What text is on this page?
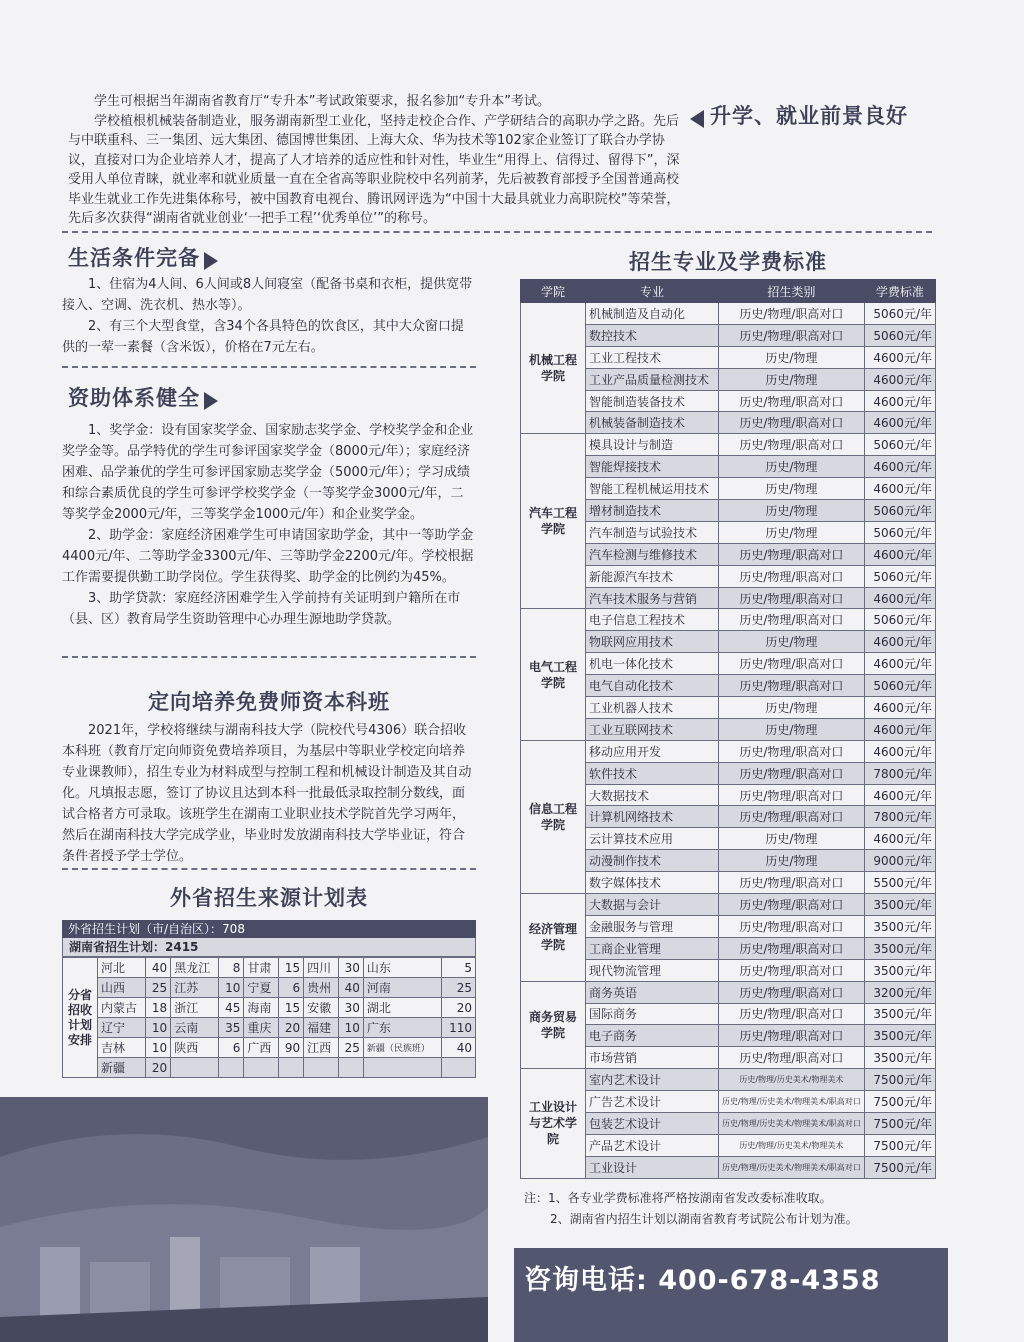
学生可根据当年湖南省教育厅“专升本”考试政策要求，报名参加“专升本”考试。

学校植根机械装备制造业，服务湖南新型工业化，坚持走校企合作、产学研结合的高职办学之路。先后与中联重科、三一集团、远大集团、德国博世集团、上海大众、华为技术等102家企业签订了联合办学协议，直接对口为企业培养人才，提高了人才培养的适应性和针对性，毕业生“用得上、信得过、留得下”，深受用人单位青睐，就业率和就业质量一直在全省高等职业院校中名列前茅，先后被教育部授予全国普通高校毕业生就业工作先进集体称号，被中国教育电视台、腾讯网评选为“中国十大最具就业力高职院校”等荣誉，先后多次获得“湖南省就业创业‘一把手工程’‘优秀单位’”的称号。

升学、就业前景良好
生活条件完备

1、住宿为4人间、6人间或8人间寝室（配备书桌和衣柜，提供宽带接入、空调、洗衣机、热水等）。

2、有三个大型食堂，含34个各具特色的饮食区，其中大众窗口提供的一荤一素餐（含米饭），价格在7元左右。

资助体系健全

1、奖学金：设有国家奖学金、国家励志奖学金、学校奖学金和企业奖学金等。品学特优的学生可参评国家奖学金（8000元/年）；家庭经济困难、品学兼优的学生可参评国家励志奖学金（5000元/年）；学习成绩和综合素质优良的学生可参评学校奖学金（一等奖学金3000元/年，二等奖学金2000元/年，三等奖学金1000元/年）和企业奖学金。

2、助学金：家庭经济困难学生可申请国家助学金，其中一等助学金4400元/年、二等助学金3300元/年、三等助学金2200元/年。学校根据工作需要提供勤工助学岗位。学生获得奖、助学金的比例约为45%。

3、助学贷款：家庭经济困难学生入学前持有关证明到户籍所在市（县、区）教育局学生资助管理中心办理生源地助学贷款。

定向培养免费师资本科班

2021年，学校将继续与湖南科技大学（院校代号4306）联合招收本科班（教育厅定向师资免费培养项目，为基层中等职业学校定向培养专业课教师），招生专业为材料成型与控制工程和机械设计制造及其自动化。凡填报志愿，签订了协议且达到本科一批最低录取控制分数线，面试合格者方可录取。该班学生在湖南工业职业技术学院首先学习两年，然后在湖南科技大学完成学业，毕业时发放湖南科技大学毕业证，符合条件者授予学士学位。

外省招生来源计划表
外省招生计划（市/自治区）：708
湖南省招生计划：2415
分省招收计划安排	河北	40	黑龙江	8	甘肃	15	四川	30	山东	5
	山西	25	江苏	10	宁夏	6	贵州	40	河南	25
	内蒙古	18	浙江	45	海南	15	安徽	30	湖北	20
	辽宁	10	云南	35	重庆	20	福建	10	广东	110
	吉林	10	陕西	6	广西	90	江西	25	新疆（民族班）	40
	新疆	20								
招生专业及学费标准
学院	专业	招生类别	学费标准
机械工程学院	机械制造及自动化	历史/物理/职高对口	5060元/年
	数控技术	历史/物理/职高对口	5060元/年
	工业工程技术	历史/物理	4600元/年
	工业产品质量检测技术	历史/物理	4600元/年
	智能制造装备技术	历史/物理/职高对口	4600元/年
	机械装备制造技术	历史/物理/职高对口	4600元/年
汽车工程学院	模具设计与制造	历史/物理/职高对口	5060元/年
	智能焊接技术	历史/物理	4600元/年
	智能工程机械运用技术	历史/物理	4600元/年
	增材制造技术	历史/物理	5060元/年
	汽车制造与试验技术	历史/物理	5060元/年
	汽车检测与维修技术	历史/物理/职高对口	4600元/年
	新能源汽车技术	历史/物理/职高对口	5060元/年
	汽车技术服务与营销	历史/物理/职高对口	4600元/年
电气工程学院	电子信息工程技术	历史/物理/职高对口	5060元/年
	物联网应用技术	历史/物理	4600元/年
	机电一体化技术	历史/物理/职高对口	4600元/年
	电气自动化技术	历史/物理/职高对口	5060元/年
	工业机器人技术	历史/物理	4600元/年
	工业互联网技术	历史/物理	4600元/年
信息工程学院	移动应用开发	历史/物理/职高对口	4600元/年
	软件技术	历史/物理/职高对口	7800元/年
	大数据技术	历史/物理/职高对口	4600元/年
	计算机网络技术	历史/物理/职高对口	7800元/年
	云计算技术应用	历史/物理	4600元/年
	动漫制作技术	历史/物理	9000元/年
	数字媒体技术	历史/物理/职高对口	5500元/年
经济管理学院	大数据与会计	历史/物理/职高对口	3500元/年
	金融服务与管理	历史/物理/职高对口	3500元/年
	工商企业管理	历史/物理/职高对口	3500元/年
	现代物流管理	历史/物理/职高对口	3500元/年
商务贸易学院	商务英语	历史/物理/职高对口	3200元/年
	国际商务	历史/物理/职高对口	3500元/年
	电子商务	历史/物理/职高对口	3500元/年
	市场营销	历史/物理/职高对口	3500元/年
工业设计与艺术学院	室内艺术设计	历史/物理/历史美术/物理美术	7500元/年
	广告艺术设计	历史/物理/历史美术/物理美术/职高对口	7500元/年
	包装艺术设计	历史/物理/历史美术/物理美术/职高对口	7500元/年
	产品艺术设计	历史/物理/历史美术/物理美术	7500元/年
	工业设计	历史/物理/历史美术/物理美术/职高对口	7500元/年
注：1、各专业学费标准将严格按湖南省发改委标准收取。
2、湖南省内招生计划以湖南省教育考试院公布计划为准。
咨询电话: 400-678-4358
